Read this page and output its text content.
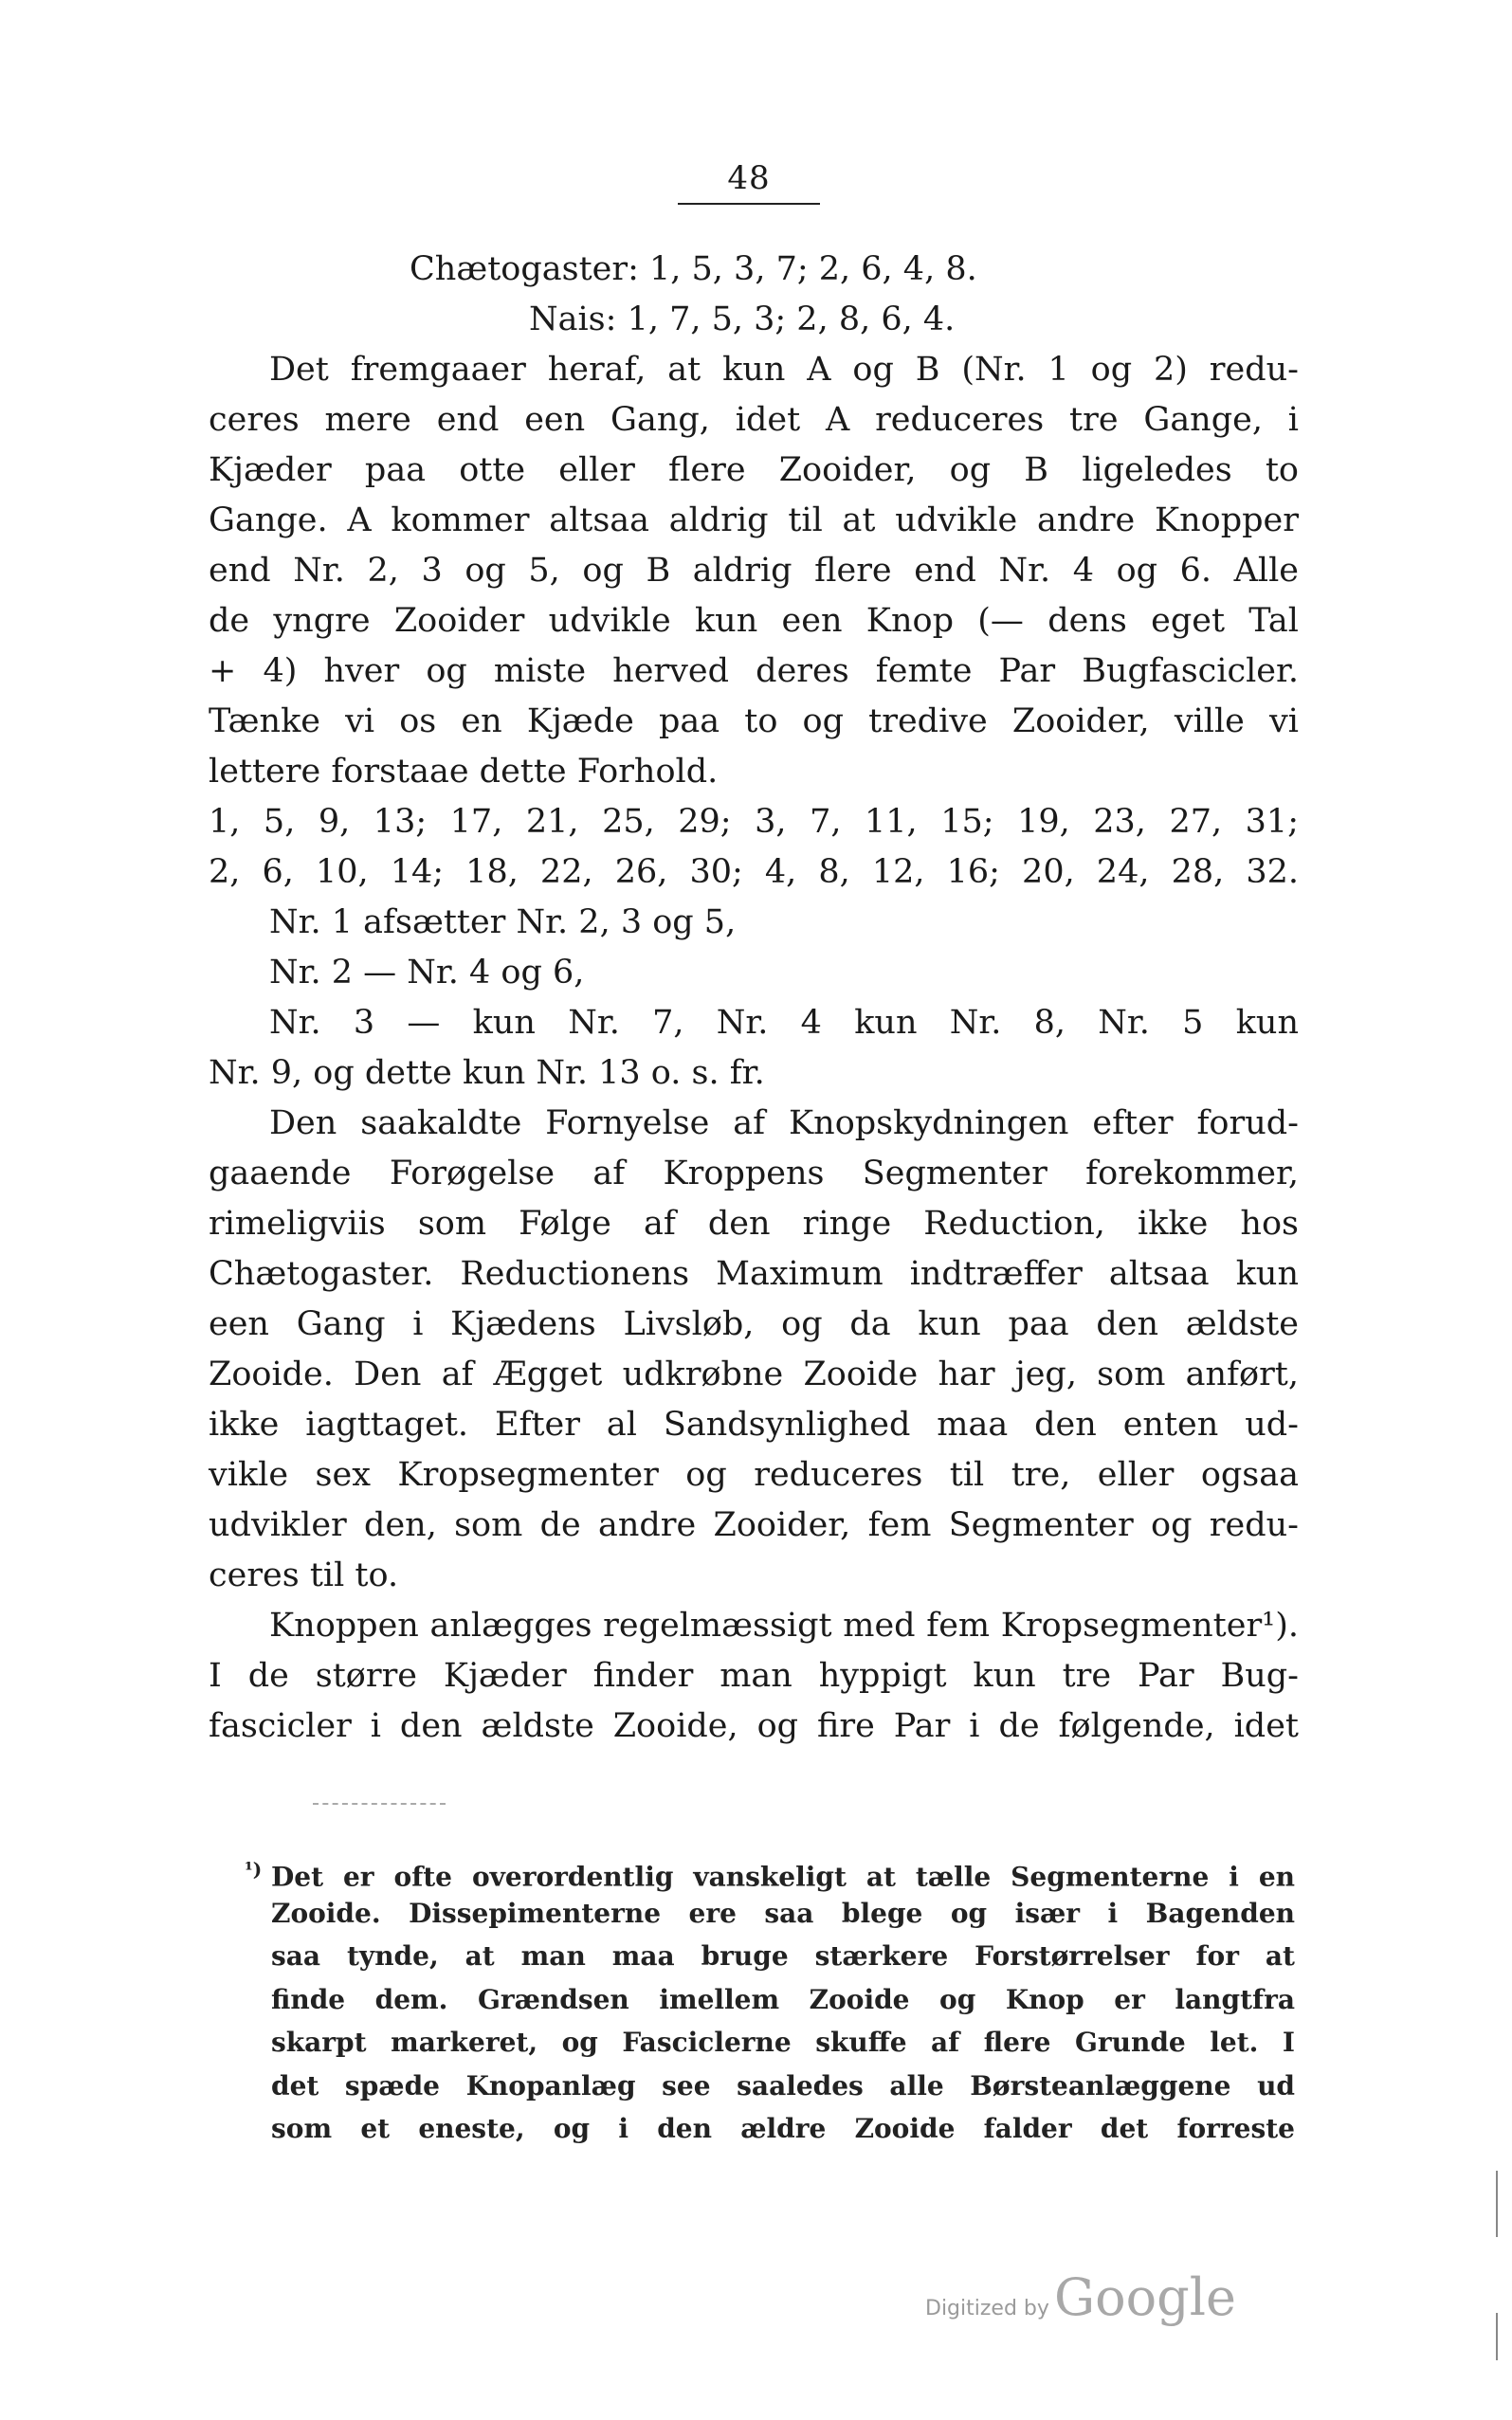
48
Chætogaster: 1, 5, 3, 7; 2, 6, 4, 8.
Nais: 1, 7, 5, 3; 2, 8, 6, 4.
Det fremgaaer heraf, at kun A og B (Nr. 1 og 2) redu-
ceres mere end een Gang, idet A reduceres tre Gange, i
Kjæder paa otte eller flere Zooider, og B ligeledes to
Gange. A kommer altsaa aldrig til at udvikle andre Knopper
end Nr. 2, 3 og 5, og B aldrig flere end Nr. 4 og 6. Alle
de yngre Zooider udvikle kun een Knop (— dens eget Tal
+ 4) hver og miste herved deres femte Par Bugfascicler.
Tænke vi os en Kjæde paa to og tredive Zooider, ville vi
lettere forstaae dette Forhold.
1, 5, 9, 13; 17, 21, 25, 29; 3, 7, 11, 15; 19, 23, 27, 31;
2, 6, 10, 14; 18, 22, 26, 30; 4, 8, 12, 16; 20, 24, 28, 32.
Nr. 1 afsætter Nr. 2, 3 og 5,
Nr. 2 — Nr. 4 og 6,
Nr. 3 — kun Nr. 7, Nr. 4 kun Nr. 8, Nr. 5 kun
Nr. 9, og dette kun Nr. 13 o. s. fr.
Den saakaldte Fornyelse af Knopskydningen efter forud-
gaaende Forøgelse af Kroppens Segmenter forekommer,
rimeligviis som Følge af den ringe Reduction, ikke hos
Chætogaster. Reductionens Maximum indtræffer altsaa kun
een Gang i Kjædens Livsløb, og da kun paa den ældste
Zooide. Den af Ægget udkrøbne Zooide har jeg, som anført,
ikke iagttaget. Efter al Sandsynlighed maa den enten ud-
vikle sex Kropsegmenter og reduceres til tre, eller ogsaa
udvikler den, som de andre Zooider, fem Segmenter og redu-
ceres til to.
Knoppen anlægges regelmæssigt med fem Kropsegmenter¹).
I de større Kjæder finder man hyppigt kun tre Par Bug-
fascicler i den ældste Zooide, og fire Par i de følgende, idet
¹) Det er ofte overordentlig vanskeligt at tælle Segmenterne i en
Zooide. Dissepimenterne ere saa blege og især i Bagenden
saa tynde, at man maa bruge stærkere Forstørrelser for at
finde dem. Grændsen imellem Zooide og Knop er langtfra
skarpt markeret, og Fasciclerne skuffe af flere Grunde let. I
det spæde Knopanlæg see saaledes alle Børsteanlæggene ud
som et eneste, og i den ældre Zooide falder det forreste
Digitized by Google
